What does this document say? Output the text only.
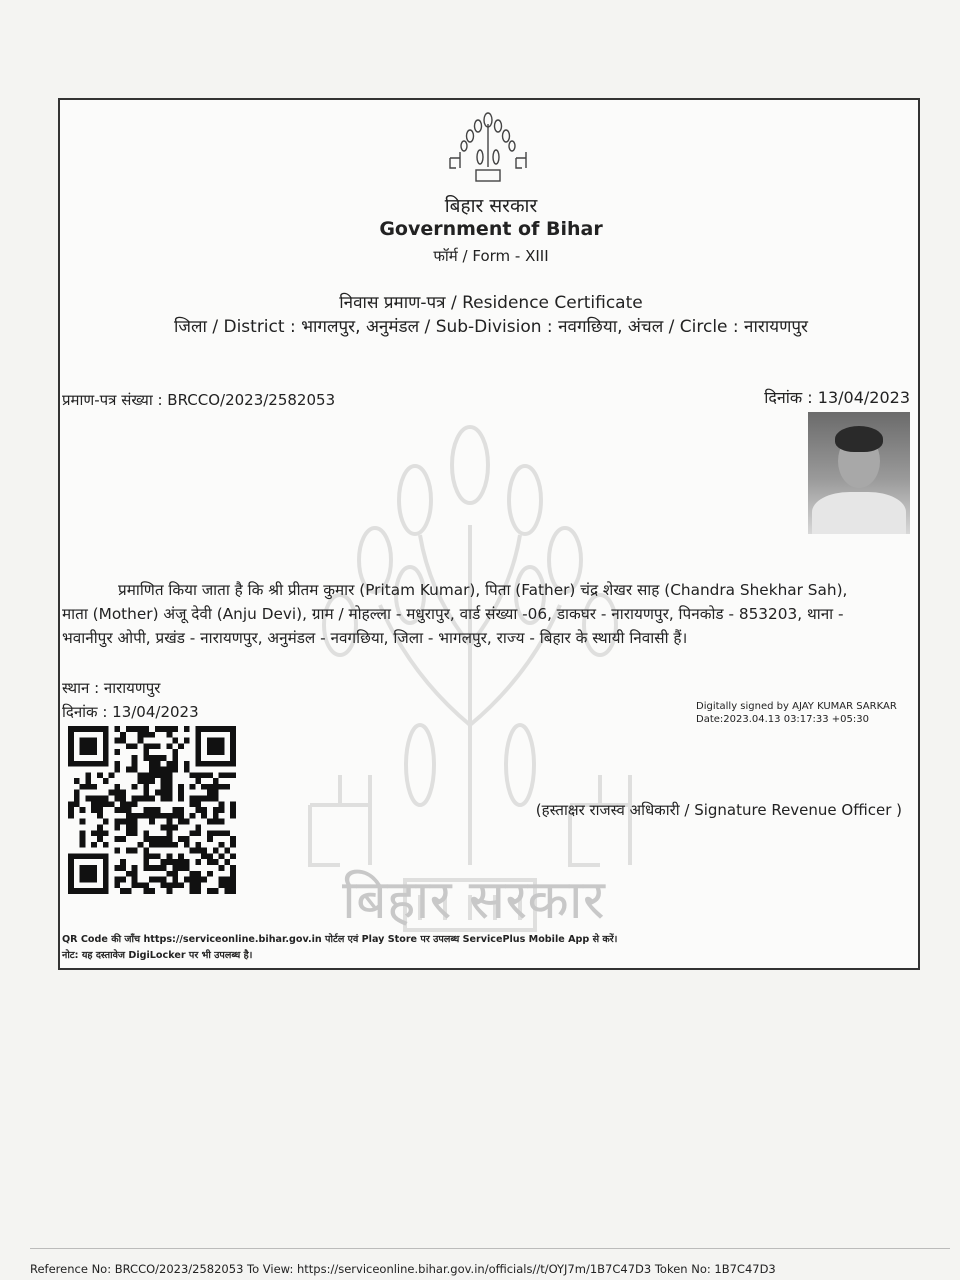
बिहार सरकार
बिहार सरकार
Government of Bihar
फॉर्म / Form - XIII
निवास प्रमाण-पत्र / Residence Certificate
जिला / District : भागलपुर, अनुमंडल / Sub-Division : नवगछिया, अंचल / Circle : नारायणपुर
प्रमाण-पत्र संख्या : BRCCO/2023/2582053	दिनांक : 13/04/2023

प्रमाणित किया जाता है कि श्री प्रीतम कुमार (Pritam Kumar), पिता (Father) चंद्र शेखर साह (Chandra Shekhar Sah),

माता (Mother) अंजू देवी (Anju Devi), ग्राम / मोहल्ला - मधुरापुर, वार्ड संख्या -06, डाकघर - नारायणपुर, पिनकोड - 853203, थाना -

भवानीपुर ओपी, प्रखंड - नारायणपुर, अनुमंडल - नवगछिया, जिला - भागलपुर, राज्य - बिहार के स्थायी निवासी हैं।

स्थान : नारायणपुर
दिनांक : 13/04/2023	Digitally signed by AJAY KUMAR SARKAR
Date:2023.04.13 03:17:33 +05:30
(हस्ताक्षर राजस्व अधिकारी / Signature Revenue Officer )
QR Code की जाँच https://serviceonline.bihar.gov.in पोर्टल एवं Play Store पर उपलब्ध ServicePlus Mobile App से करें।
नोट: यह दस्तावेज DigiLocker पर भी उपलब्ध है।
Reference No: BRCCO/2023/2582053 To View: https://serviceonline.bihar.gov.in/officials//t/OYJ7m/1B7C47D3 Token No: 1B7C47D3
